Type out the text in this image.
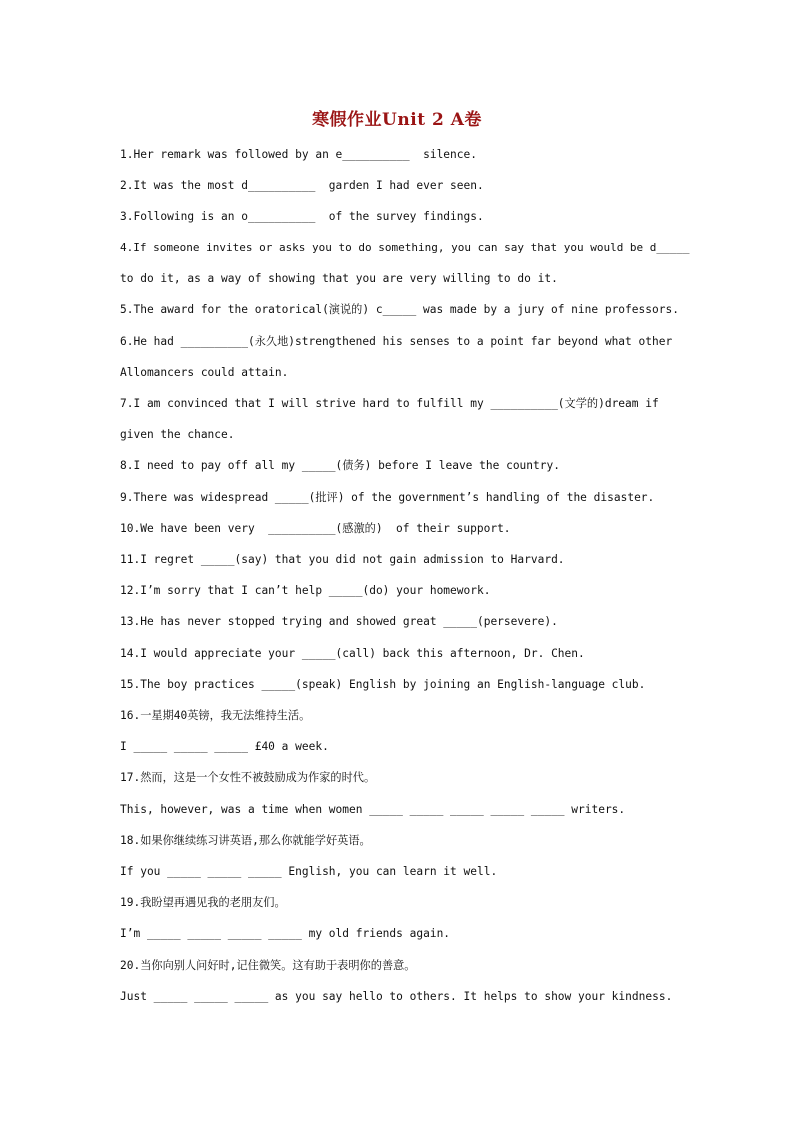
寒假作业Unit 2 A卷
1.Her remark was followed by an e__________  silence.
2.It was the most d__________  garden I had ever seen.
3.Following is an o__________  of the survey findings.
4.If someone invites or asks you to do something, you can say that you would be d_____
to do it, as a way of showing that you are very willing to do it.
5.The award for the oratorical(演说的) c_____ was made by a jury of nine professors.
6.He had __________(永久地)strengthened his senses to a point far beyond what other
Allomancers could attain.
7.I am convinced that I will strive hard to fulfill my __________(文学的)dream if
given the chance.
8.I need to pay off all my _____(债务) before I leave the country.
9.There was widespread _____(批评) of the government’s handling of the disaster.
10.We have been very  __________(感激的)  of their support.
11.I regret _____(say) that you did not gain admission to Harvard.
12.I’m sorry that I can’t help _____(do) your homework.
13.He has never stopped trying and showed great _____(persevere).
14.I would appreciate your _____(call) back this afternoon, Dr. Chen.
15.The boy practices _____(speak) English by joining an English-language club.
16.一星期40英镑，我无法维持生活。
I _____ _____ _____ £40 a week.
17.然而，这是一个女性不被鼓励成为作家的时代。
This, however, was a time when women _____ _____ _____ _____ _____ writers.
18.如果你继续练习讲英语,那么你就能学好英语。
If you _____ _____ _____ English, you can learn it well.
19.我盼望再遇见我的老朋友们。
I’m _____ _____ _____ _____ my old friends again.
20.当你向别人问好时,记住微笑。这有助于表明你的善意。
Just _____ _____ _____ as you say hello to others. It helps to show your kindness.
